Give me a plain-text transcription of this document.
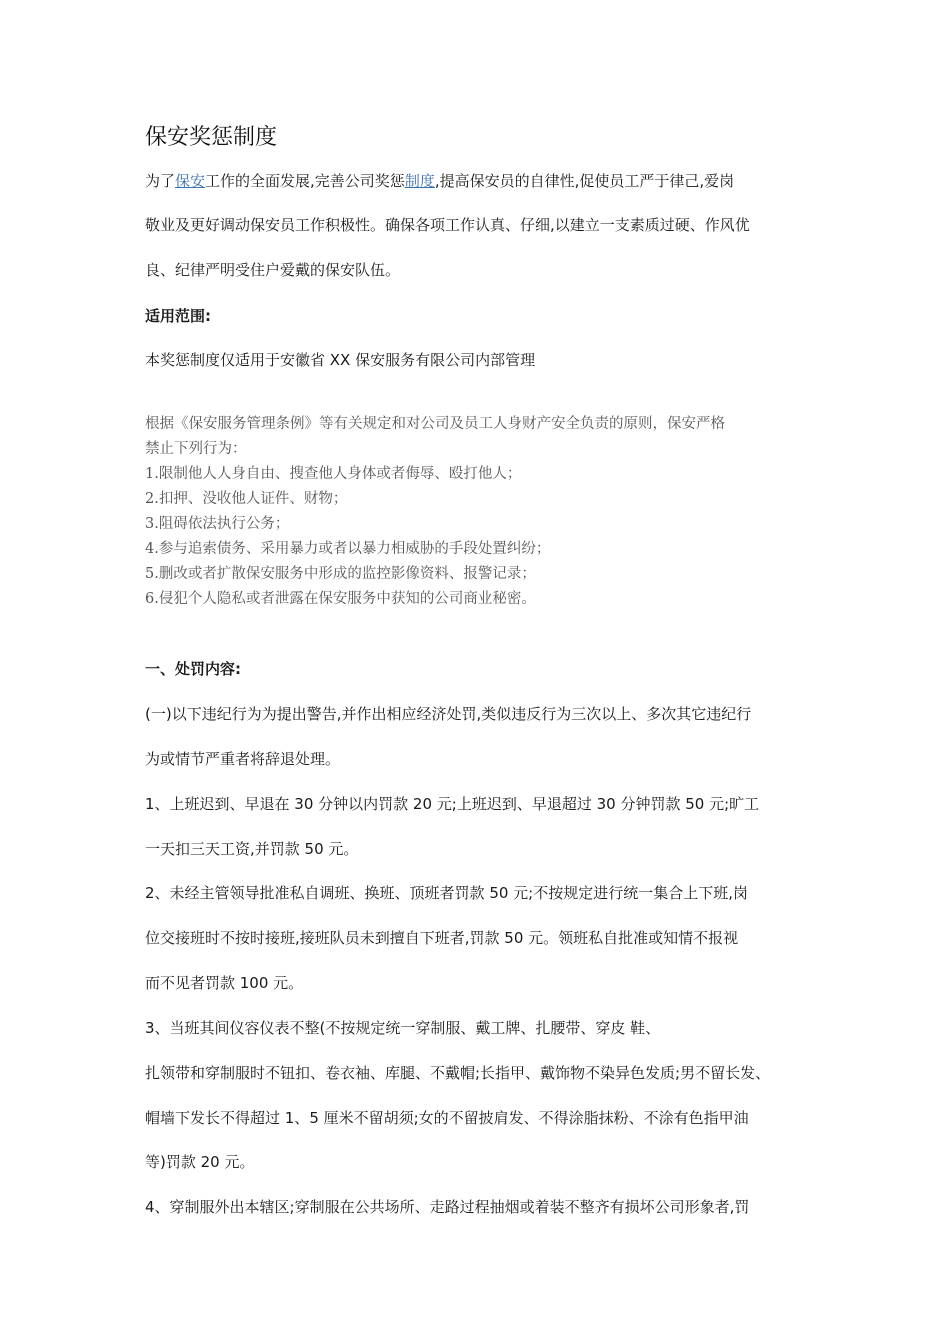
保安奖惩制度
为了保安工作的全面发展,完善公司奖惩制度,提高保安员的自律性,促使员工严于律己,爱岗
敬业及更好调动保安员工作积极性。确保各项工作认真、仔细,以建立一支素质过硬、作风优
良、纪律严明受住户爱戴的保安队伍。
适用范围:
本奖惩制度仅适用于安徽省 XX 保安服务有限公司内部管理
根据《保安服务管理条例》等有关规定和对公司及员工人身财产安全负责的原则，保安严格
禁止下列行为：
1.限制他人人身自由、搜查他人身体或者侮辱、殴打他人；
2.扣押、没收他人证件、财物；
3.阻碍依法执行公务；
4.参与追索债务、采用暴力或者以暴力相威胁的手段处置纠纷；
5.删改或者扩散保安服务中形成的监控影像资料、报警记录；
6.侵犯个人隐私或者泄露在保安服务中获知的公司商业秘密。
一、处罚内容:
(一)以下违纪行为为提出警告,并作出相应经济处罚,类似违反行为三次以上、多次其它违纪行
为或情节严重者将辞退处理。
1、上班迟到、早退在 30 分钟以内罚款 20 元;上班迟到、早退超过 30 分钟罚款 50 元;旷工
一天扣三天工资,并罚款 50 元。
2、未经主管领导批准私自调班、换班、顶班者罚款 50 元;不按规定进行统一集合上下班,岗
位交接班时不按时接班,接班队员未到擅自下班者,罚款 50 元。领班私自批准或知情不报视
而不见者罚款 100 元。
3、当班其间仪容仪表不整(不按规定统一穿制服、戴工牌、扎腰带、穿皮 鞋、
扎领带和穿制服时不钮扣、卷衣袖、库腿、不戴帽;长指甲、戴饰物不染异色发质;男不留长发、
帽墙下发长不得超过 1、5 厘米不留胡须;女的不留披肩发、不得涂脂抹粉、不涂有色指甲油
等)罚款 20 元。
4、穿制服外出本辖区;穿制服在公共场所、走路过程抽烟或着装不整齐有损坏公司形象者,罚
